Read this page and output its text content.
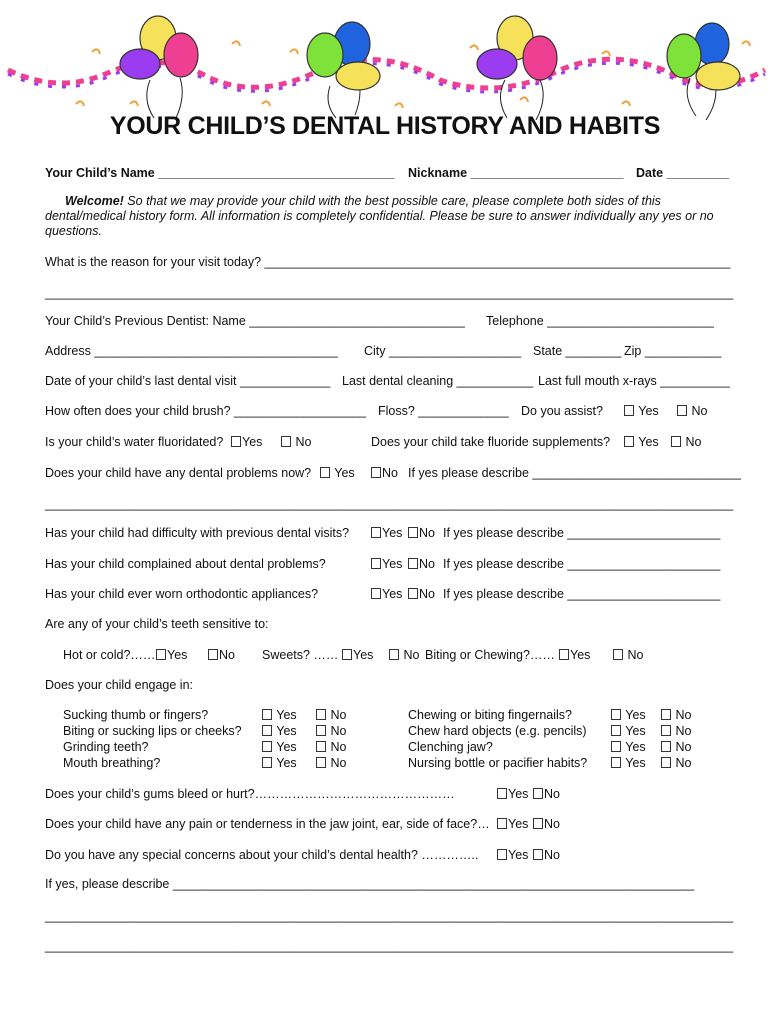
YOUR CHILD’S DENTAL HISTORY AND HABITS
Your Child’s Name __________________________________ Nickname ______________________ Date _________
Welcome! So that we may provide your child with the best possible care, please complete both sides of this
dental/medical history form. All information is completely confidential. Please be sure to answer individually any yes or no
questions.
What is the reason for your visit today? ___________________________________________________________________
___________________________________________________________________________________________________
Your Child’s Previous Dentist: Name _______________________________ Telephone ________________________
Address ___________________________________ City ___________________ State ________ Zip ___________
Date of your child’s last dental visit _____________ Last dental cleaning ___________ Last full mouth x-rays __________
How often does your child brush? ___________________ Floss? _____________ Do you assist?	Yes	No
Is your child’s water fluoridated?	Yes	No	Does your child take fluoride supplements?	Yes	No
Does your child have any dental problems now?	Yes	No If yes please describe ______________________________
___________________________________________________________________________________________________
Has your child had difficulty with previous dental visits?	Yes	No If yes please describe ______________________
Has your child complained about dental problems?	Yes	No If yes please describe ______________________
Has your child ever worn orthodontic appliances?	Yes	No If yes please describe ______________________
Are any of your child’s teeth sensitive to:
Hot or cold?…… Yes	No Sweets? ……	Yes	No Biting or Chewing?……	Yes	No
Does your child engage in:
Sucking thumb or fingers?	Yes	No
Biting or sucking lips or cheeks?	Yes	No
Grinding teeth?	Yes	No
Mouth breathing?	Yes	No
Chewing or biting fingernails?	Yes	No
Chew hard objects (e.g. pencils)	Yes	No
Clenching jaw?	Yes	No
Nursing bottle or pacifier habits?	Yes	No
Does your child’s gums bleed or hurt?…………………………………………	Yes	No
Does your child have any pain or tenderness in the jaw joint, ear, side of face?…	Yes	No
Do you have any special concerns about your child’s dental health? …………..	Yes	No
If yes, please describe ___________________________________________________________________________
___________________________________________________________________________________________________
___________________________________________________________________________________________________
